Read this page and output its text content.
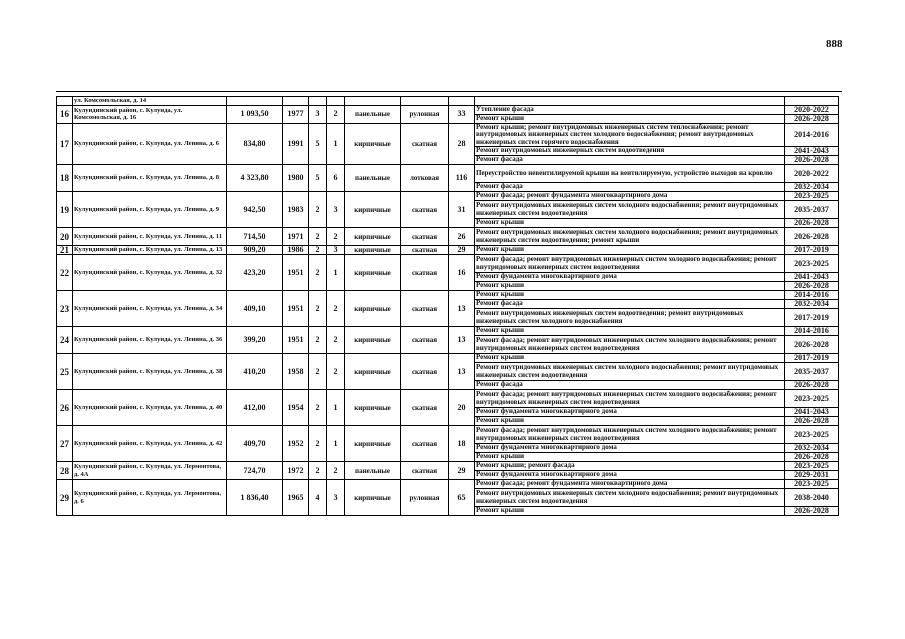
888
	ул. Комсомольская, д. 14									
16	Кулундинский район, с. Кулунда, ул. Комсомольская, д. 16	1 093,50	1977	3	2	панельные	рулонная	33	Утепление фасада	2020-2022
									Ремонт крыши	2026-2028
17	Кулундинский район, с. Кулунда, ул. Ленина, д. 6	834,80	1991	5	1	кирпичные	скатная	28	Ремонт крыши; ремонт внутридомовых инженерных систем теплоснабжения; ремонт внутридомовых инженерных систем холодного водоснабжения; ремонт внутридомовых инженерных систем горячего водоснабжения	2014-2016
									Ремонт внутридомовых инженерных систем водоотведения	2041-2043
									Ремонт фасада	2026-2028
18	Кулундинский район, с. Кулунда, ул. Ленина, д. 8	4 323,80	1980	5	6	панельные	лотковая	116	Переустройство невентилируемой крыши на вентилируемую, устройство выходов на кровлю	2020-2022
									Ремонт фасада	2032-2034
19	Кулундинский район, с. Кулунда, ул. Ленина, д. 9	942,50	1983	2	3	кирпичные	скатная	31	Ремонт фасада; ремонт фундамента многоквартирного дома	2023-2025
									Ремонт внутридомовых инженерных систем холодного водоснабжения; ремонт внутридомовых инженерных систем водоотведения	2035-2037
									Ремонт крыши	2026-2028
20	Кулундинский район, с. Кулунда, ул. Ленина, д. 11	714,50	1971	2	2	кирпичные	скатная	26	Ремонт внутридомовых инженерных систем холодного водоснабжения; ремонт внутридомовых инженерных систем водоотведения; ремонт крыши	2026-2028
21	Кулундинский район, с. Кулунда, ул. Ленина, д. 13	909,20	1986	2	3	кирпичные	скатная	29	Ремонт крыши	2017-2019
22	Кулундинский район, с. Кулунда, ул. Ленина, д. 32	423,20	1951	2	1	кирпичные	скатная	16	Ремонт фасада; ремонт внутридомовых инженерных систем холодного водоснабжения; ремонт внутридомовых инженерных систем водоотведения	2023-2025
									Ремонт фундамента многоквартирного дома	2041-2043
									Ремонт крыши	2026-2028
23	Кулундинский район, с. Кулунда, ул. Ленина, д. 34	409,10	1951	2	2	кирпичные	скатная	13	Ремонт крыши	2014-2016
									Ремонт фасада	2032-2034
									Ремонт внутридомовых инженерных систем водоотведения; ремонт внутридомовых инженерных систем холодного водоснабжения	2017-2019
24	Кулундинский район, с. Кулунда, ул. Ленина, д. 36	399,20	1951	2	2	кирпичные	скатная	13	Ремонт крыши	2014-2016
									Ремонт фасада; ремонт внутридомовых инженерных систем холодного водоснабжения; ремонт внутридомовых инженерных систем водоотведения	2026-2028
25	Кулундинский район, с. Кулунда, ул. Ленина, д. 38	410,20	1958	2	2	кирпичные	скатная	13	Ремонт крыши	2017-2019
									Ремонт внутридомовых инженерных систем холодного водоснабжения; ремонт внутридомовых инженерных систем водоотведения	2035-2037
									Ремонт фасада	2026-2028
26	Кулундинский район, с. Кулунда, ул. Ленина, д. 40	412,00	1954	2	1	кирпичные	скатная	20	Ремонт фасада; ремонт внутридомовых инженерных систем холодного водоснабжения; ремонт внутридомовых инженерных систем водоотведения	2023-2025
									Ремонт фундамента многоквартирного дома	2041-2043
									Ремонт крыши	2026-2028
27	Кулундинский район, с. Кулунда, ул. Ленина, д. 42	409,70	1952	2	1	кирпичные	скатная	18	Ремонт фасада; ремонт внутридомовых инженерных систем холодного водоснабжения; ремонт внутридомовых инженерных систем водоотведения	2023-2025
									Ремонт фундамента многоквартирного дома	2032-2034
									Ремонт крыши	2026-2028
28	Кулундинский район, с. Кулунда, ул. Лермонтова, д. 4А	724,70	1972	2	2	панельные	скатная	29	Ремонт крыши; ремонт фасада	2023-2025
									Ремонт фундамента многоквартирного дома	2029-2031
29	Кулундинский район, с. Кулунда, ул. Лермонтова, д. 6	1 836,40	1965	4	3	кирпичные	рулонная	65	Ремонт фасада; ремонт фундамента многоквартирного дома	2023-2025
									Ремонт внутридомовых инженерных систем холодного водоснабжения; ремонт внутридомовых инженерных систем водоотведения	2038-2040
									Ремонт крыши	2026-2028
